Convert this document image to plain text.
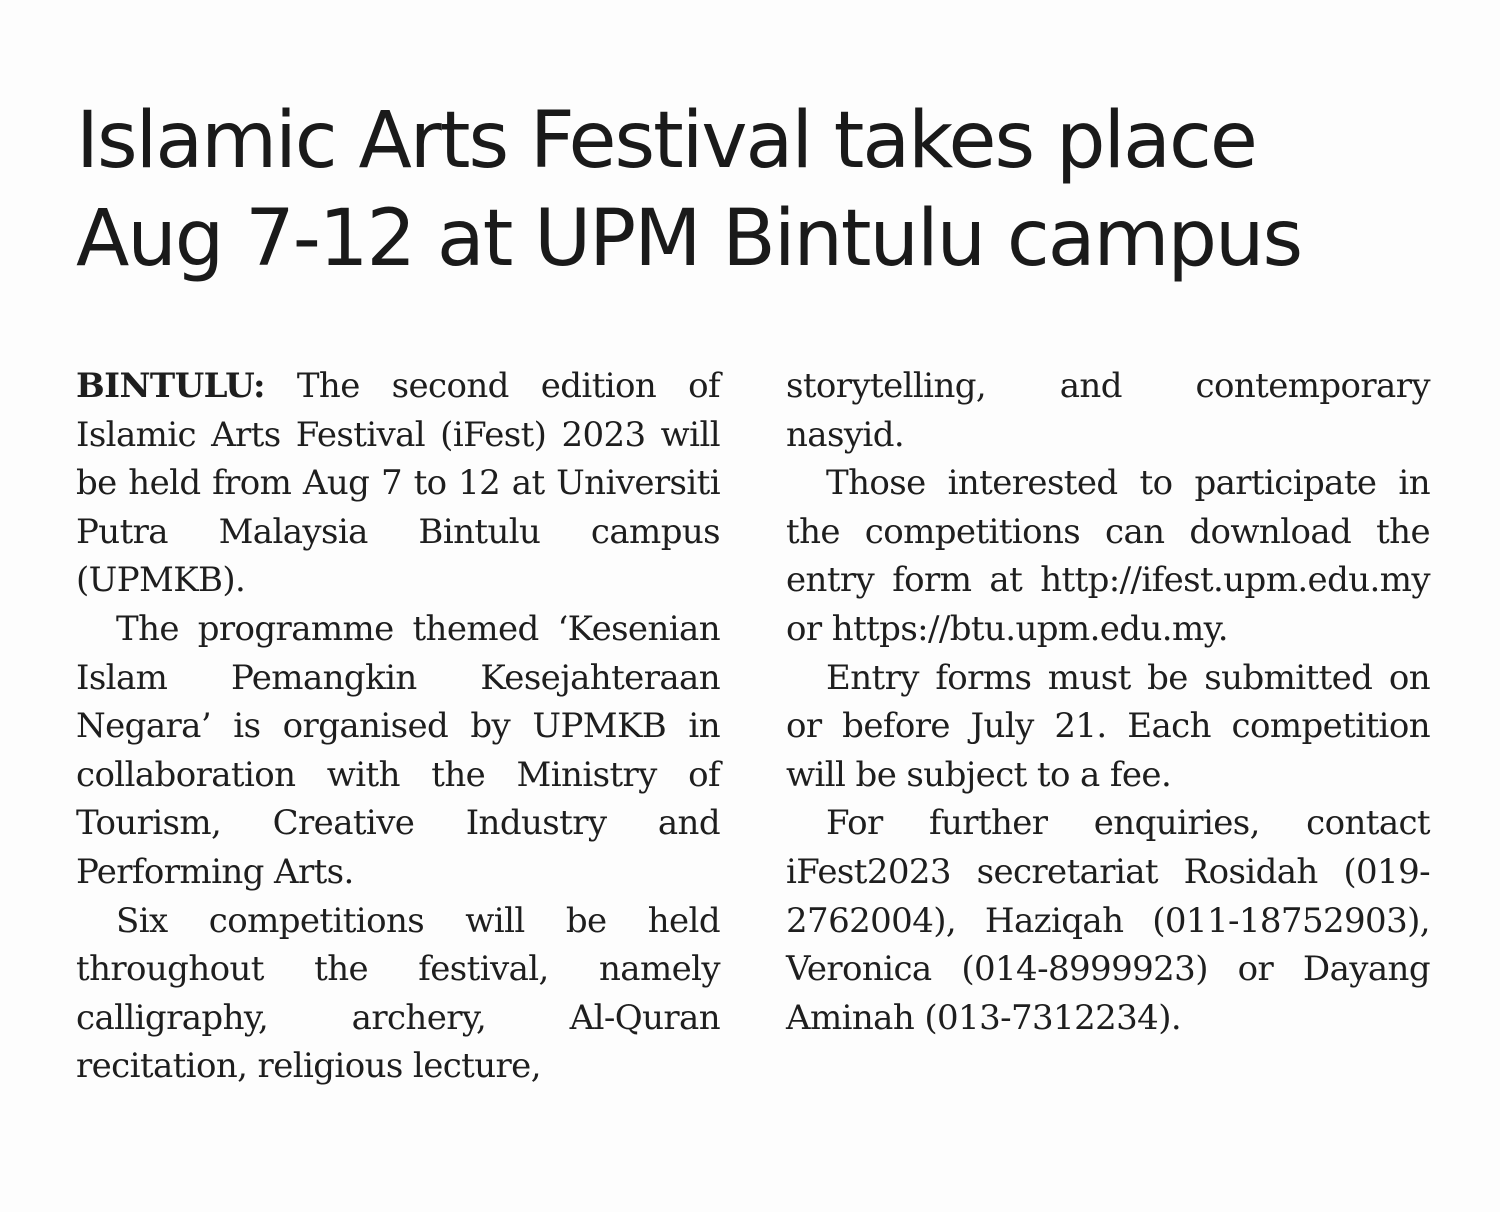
Islamic Arts Festival takes place
Aug 7-12 at UPM Bintulu campus

BINTULU: The second edition of Islamic Arts Festival (iFest) 2023 will be held from Aug 7 to 12 at Universiti Putra Malaysia Bintulu campus (UPMKB).

The programme themed ‘Kesenian Islam Pemangkin Kesejahteraan Negara’ is organised by UPMKB in collaboration with the Ministry of Tourism, Creative Industry and Performing Arts.

Six competitions will be held throughout the festival, namely calligraphy, archery, Al-Quran recitation, religious lecture,

storytelling, and contemporary nasyid.

Those interested to participate in the competitions can download the entry form at http://ifest.upm.edu.my or https://btu.upm.edu.my.

Entry forms must be submitted on or before July 21. Each competition will be subject to a fee.

For further enquiries, contact iFest2023 secretariat Rosidah (019-2762004), Haziqah (011-18752903), Veronica (014-8999923) or Dayang Aminah (013-7312234).
